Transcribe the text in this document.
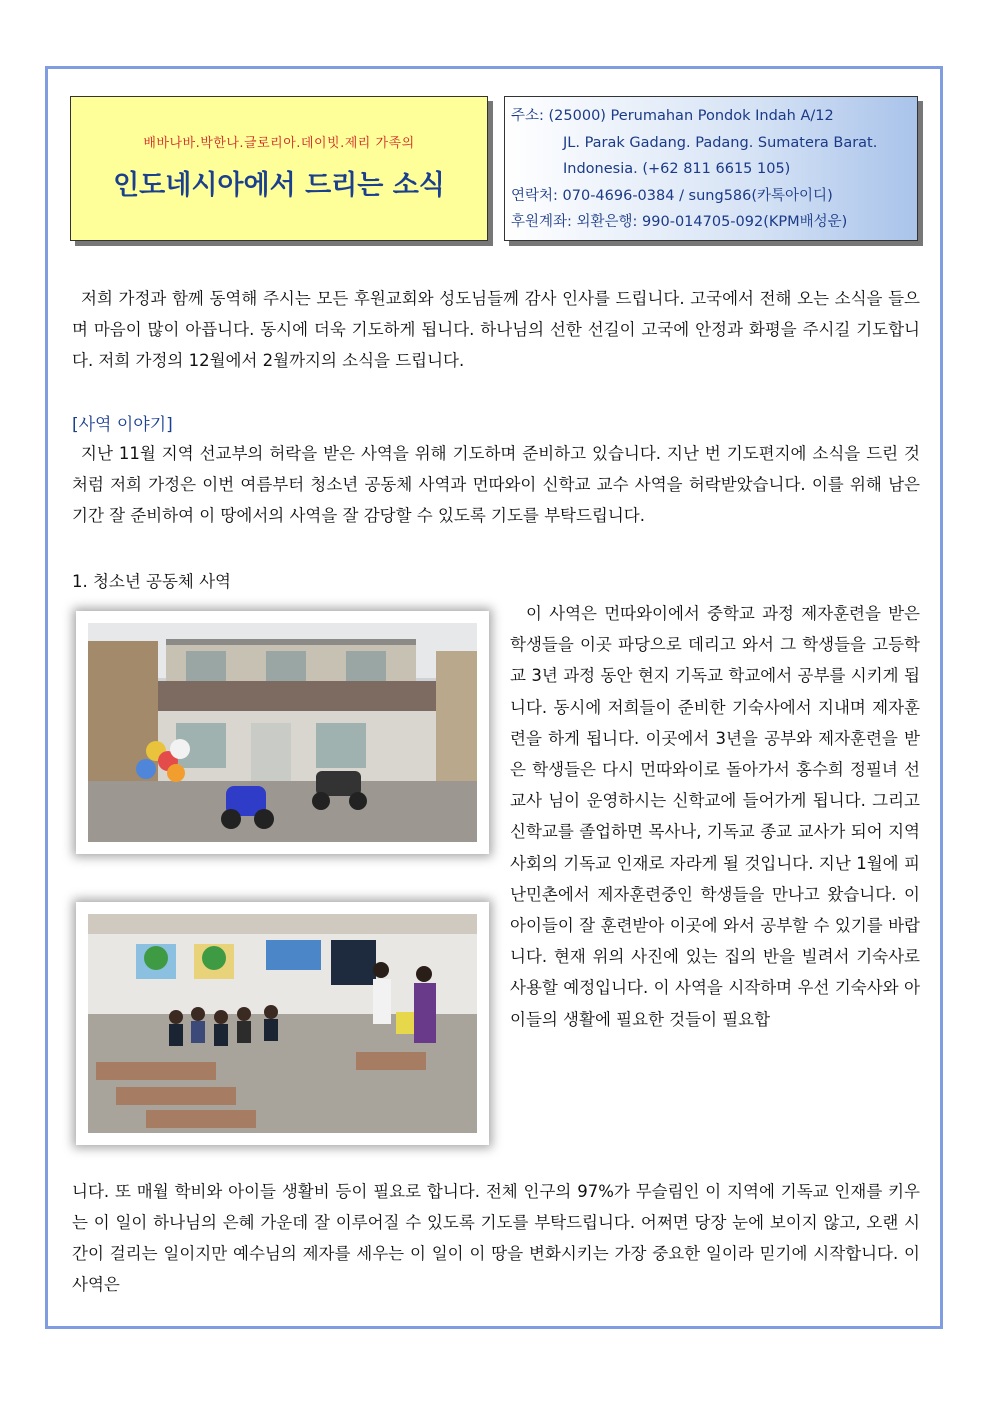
배바나바.박한나.글로리아.데이빗.제리 가족의
인도네시아에서 드리는 소식
주소: (25000) Perumahan Pondok Indah A/12
JL. Parak Gadang. Padang. Sumatera Barat.
Indonesia. (+62 811 6615 105)
연락처: 070-4696-0384 / sung586(카톡아이디)
후원계좌: 외환은행: 990-014705-092(KPM배성운)

저희 가정과 함께 동역해 주시는 모든 후원교회와 성도님들께 감사 인사를 드립니다. 고국에서 전해 오는 소식을 들으며 마음이 많이 아픕니다. 동시에 더욱 기도하게 됩니다. 하나님의 선한 선길이 고국에 안정과 화평을 주시길 기도합니다. 저희 가정의 12월에서 2월까지의 소식을 드립니다.

[사역 이야기]

지난 11월 지역 선교부의 허락을 받은 사역을 위해 기도하며 준비하고 있습니다. 지난 번 기도편지에 소식을 드린 것처럼 저희 가정은 이번 여름부터 청소년 공동체 사역과 먼따와이 신학교 교수 사역을 허락받았습니다. 이를 위해 남은 기간 잘 준비하여 이 땅에서의 사역을 잘 감당할 수 있도록 기도를 부탁드립니다.

1. 청소년 공동체 사역

이 사역은 먼따와이에서 중학교 과정 제자훈련을 받은 학생들을 이곳 파당으로 데리고 와서 그 학생들을 고등학교 3년 과정 동안 현지 기독교 학교에서 공부를 시키게 됩니다. 동시에 저희들이 준비한 기숙사에서 지내며 제자훈련을 하게 됩니다. 이곳에서 3년을 공부와 제자훈련을 받은 학생들은 다시 먼따와이로 돌아가서 홍수희 정필녀 선교사 님이 운영하시는 신학교에 들어가게 됩니다. 그리고 신학교를 졸업하면 목사나, 기독교 종교 교사가 되어 지역 사회의 기독교 인재로 자라게 될 것입니다. 지난 1월에 피난민촌에서 제자훈련중인 학생들을 만나고 왔습니다. 이 아이들이 잘 훈련받아 이곳에 와서 공부할 수 있기를 바랍니다. 현재 위의 사진에 있는 집의 반을 빌려서 기숙사로 사용할 예정입니다. 이 사역을 시작하며 우선 기숙사와 아이들의 생활에 필요한 것들이 필요합

니다. 또 매월 학비와 아이들 생활비 등이 필요로 합니다. 전체 인구의 97%가 무슬림인 이 지역에 기독교 인재를 키우는 이 일이 하나님의 은혜 가운데 잘 이루어질 수 있도록 기도를 부탁드립니다. 어쩌면 당장 눈에 보이지 않고, 오랜 시간이 걸리는 일이지만 예수님의 제자를 세우는 이 일이 이 땅을 변화시키는 가장 중요한 일이라 믿기에 시작합니다. 이 사역은
